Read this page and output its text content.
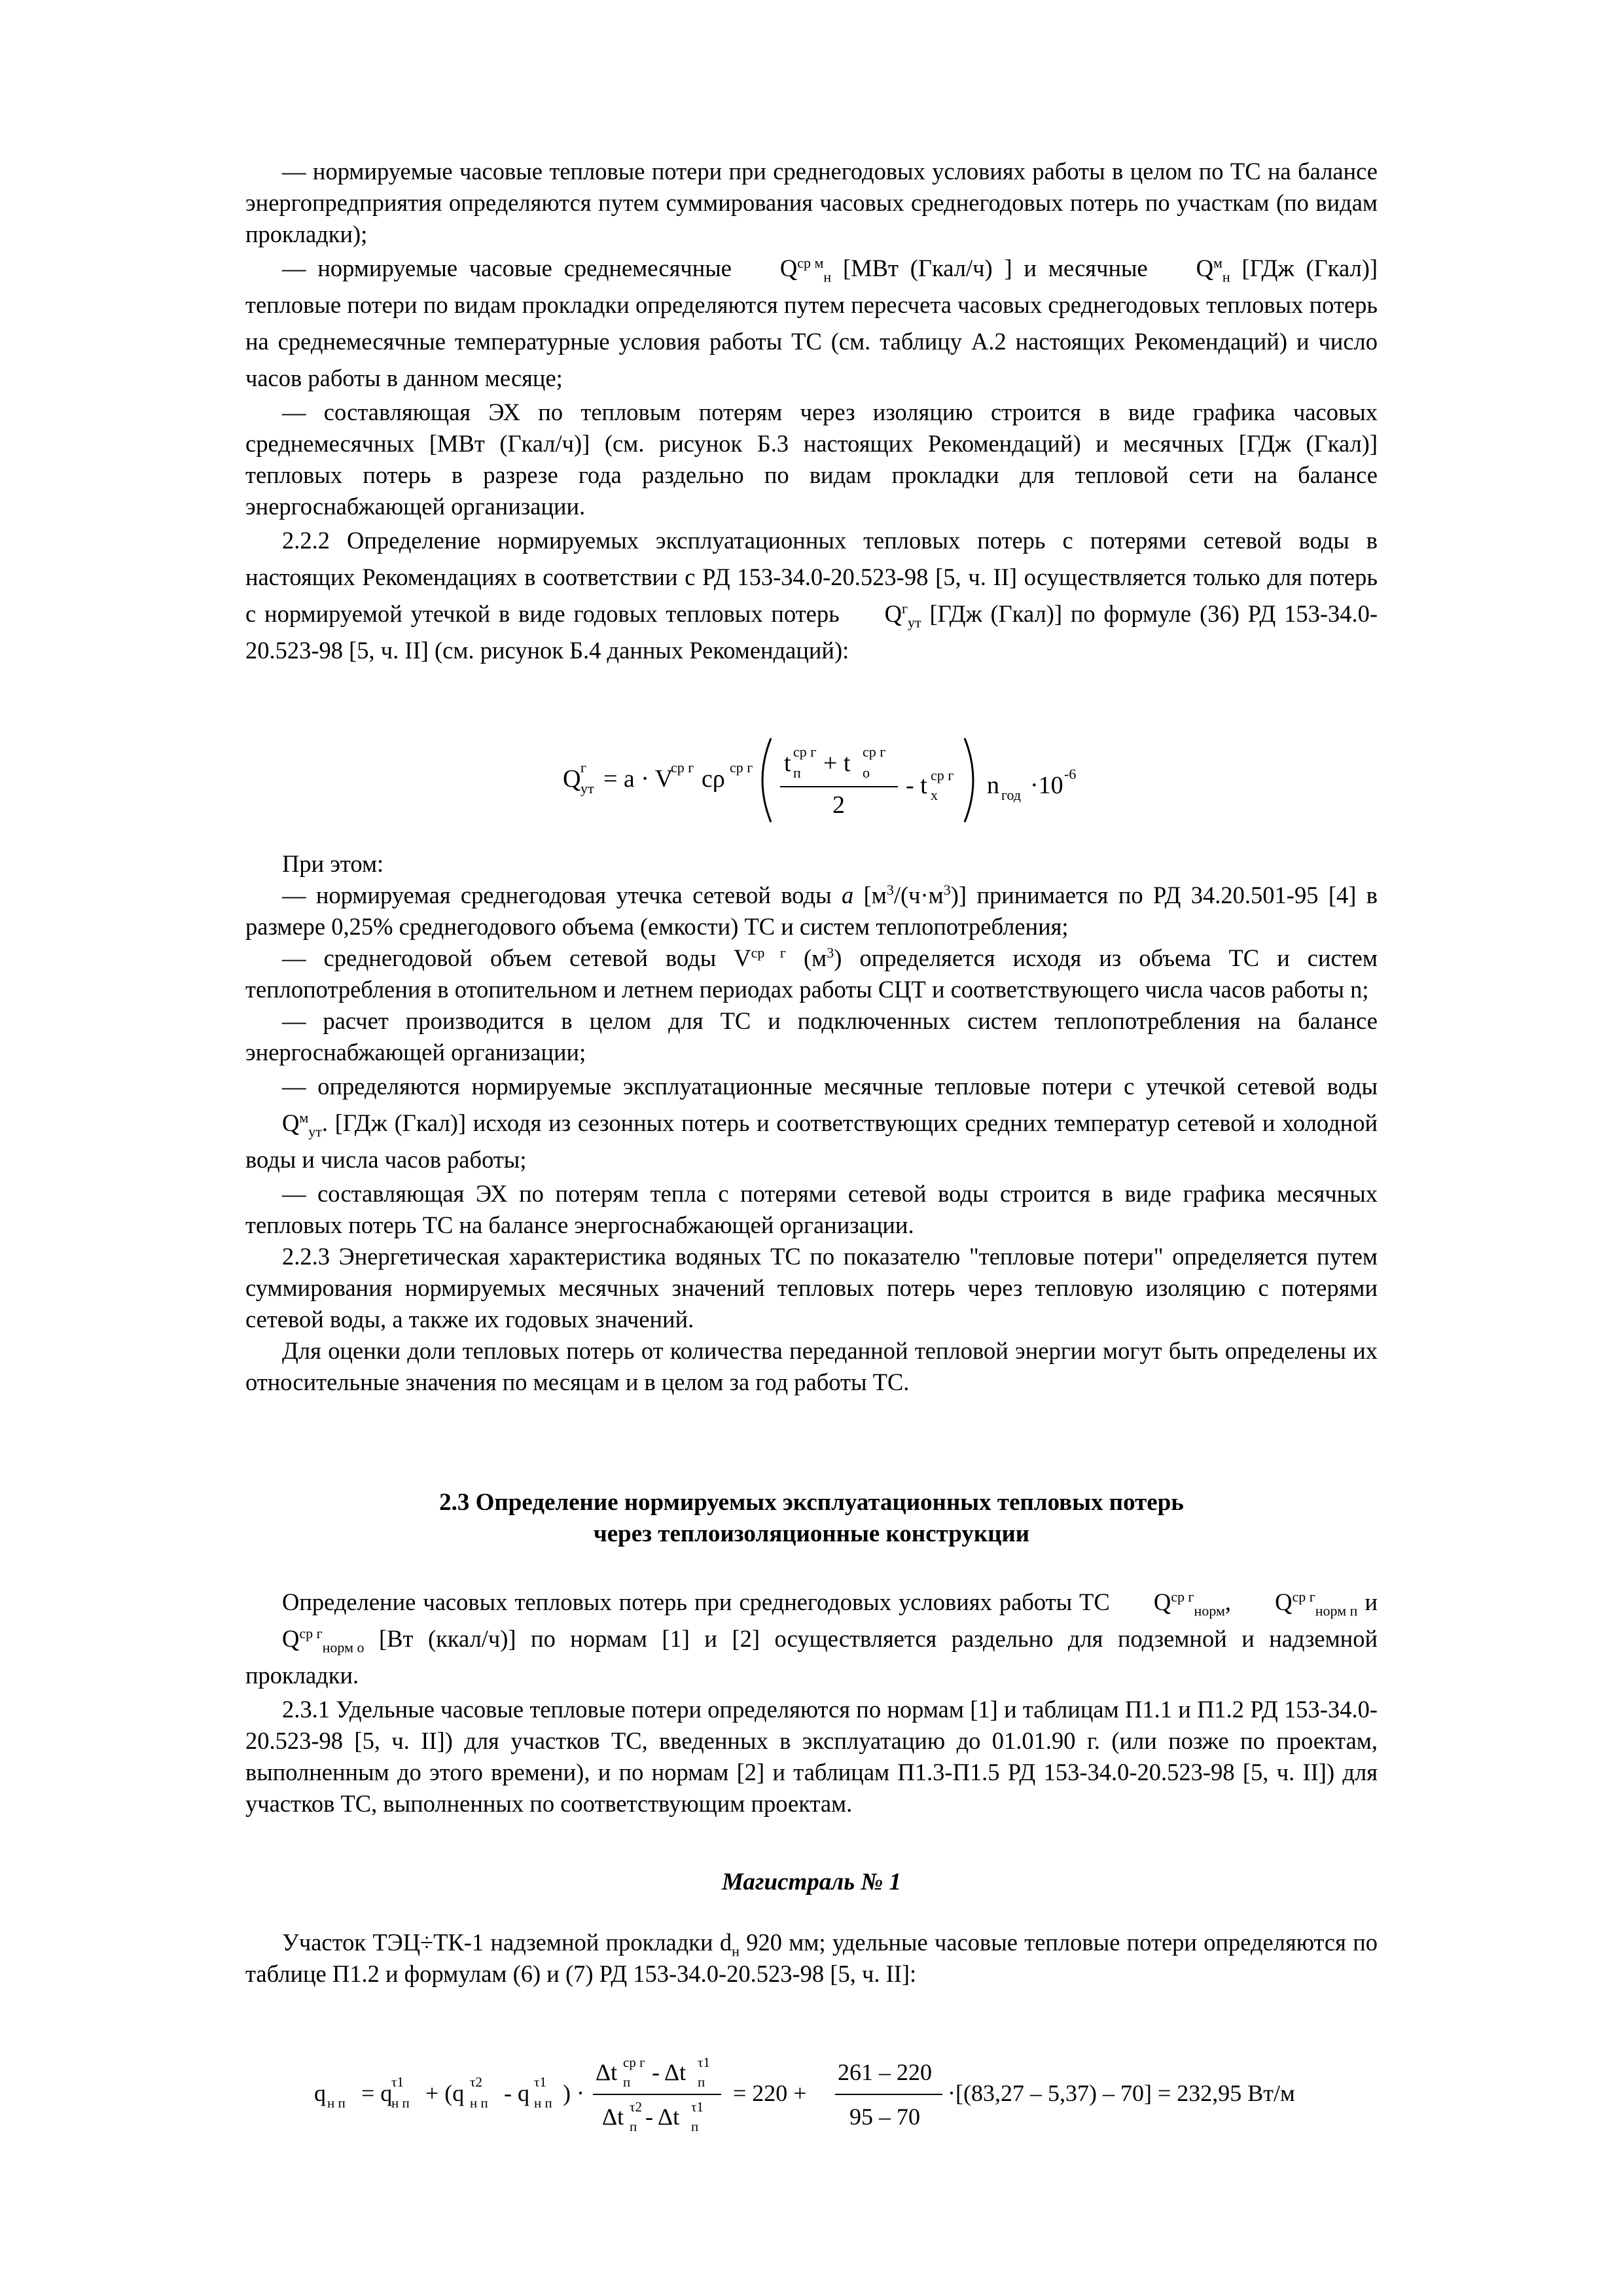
— нормируемые часовые тепловые потери при среднегодовых условиях работы в целом по ТС на балансе энергопредприятия определяются путем суммирования часовых среднегодовых потерь по участкам (по видам прокладки);

— нормируемые часовые среднемесячные $Q^{ср м}_н$ [МВт (Гкал/ч) ] и месячные $Q^м_н$ [ГДж (Гкал)] тепловые потери по видам прокладки определяются путем пересчета часовых среднегодовых тепловых потерь на среднемесячные температурные условия работы ТС (см. таблицу А.2 настоящих Рекомендаций) и число часов работы в данном месяце;

— составляющая ЭХ по тепловым потерям через изоляцию строится в виде графика часовых среднемесячных [МВт (Гкал/ч)] (см. рисунок Б.3 настоящих Рекомендаций) и месячных [ГДж (Гкал)] тепловых потерь в разрезе года раздельно по видам прокладки для тепловой сети на балансе энергоснабжающей организации.

2.2.2 Определение нормируемых эксплуатационных тепловых потерь с потерями сетевой воды в настоящих Рекомендациях в соответствии с РД 153-34.0-20.523-98 [5, ч. II] осуществляется только для потерь с нормируемой утечкой в виде годовых тепловых потерь $Q^г_{ут}$ [ГДж (Гкал)] по формуле (36) РД 153-34.0-20.523-98 [5, ч. II] (см. рисунок Б.4 данных Рекомендаций):

Q г
ут = a · V
ср г cρ ср г t ср г
п + t ср г
о
2
- t ср г
х n год ·10 -6

При этом:

— нормируемая среднегодовая утечка сетевой воды a $[м^3/(ч\cdot м^3)]$ принимается по РД 34.20.501-95 [4] в размере 0,25% среднегодового объема (емкости) ТС и систем теплопотребления;

— среднегодовой объем сетевой воды $V^{ср г}$ $(м^3)$ определяется исходя из объема ТС и систем теплопотребления в отопительном и летнем периодах работы СЦТ и соответствующего числа часов работы n;

— расчет производится в целом для ТС и подключенных систем теплопотребления на балансе энергоснабжающей организации;

— определяются нормируемые эксплуатационные месячные тепловые потери с утечкой сетевой воды $Q^м_{ут}$. [ГДж (Гкал)] исходя из сезонных потерь и соответствующих средних температур сетевой и холодной воды и числа часов работы;

— составляющая ЭХ по потерям тепла с потерями сетевой воды строится в виде графика месячных тепловых потерь ТС на балансе энергоснабжающей организации.

2.2.3 Энергетическая характеристика водяных ТС по показателю "тепловые потери" определяется путем суммирования нормируемых месячных значений тепловых потерь через тепловую изоляцию с потерями сетевой воды, а также их годовых значений.

Для оценки доли тепловых потерь от количества переданной тепловой энергии могут быть определены их относительные значения по месяцам и в целом за год работы ТС.

2.3 Определение нормируемых эксплуатационных тепловых потерь
через теплоизоляционные конструкции

Определение часовых тепловых потерь при среднегодовых условиях работы ТС $Q^{ср г}_{норм}$, $Q^{ср г}_{норм п}$ и $Q^{ср г}_{норм о}$ [Вт (ккал/ч)] по нормам [1] и [2] осуществляется раздельно для подземной и надземной прокладки.

2.3.1 Удельные часовые тепловые потери определяются по нормам [1] и таблицам П1.1 и П1.2 РД 153-34.0-20.523-98 [5, ч. II]) для участков ТС, введенных в эксплуатацию до 01.01.90 г. (или позже по проектам, выполненным до этого времени), и по нормам [2] и таблицам П1.3-П1.5 РД 153-34.0-20.523-98 [5, ч. II]) для участков ТС, выполненных по соответствующим проектам.

Магистраль № 1

Участок ТЭЦ÷ТК-1 надземной прокладки $d_н$ 920 мм; удельные часовые тепловые потери определяются по таблице П1.2 и формулам (6) и (7) РД 153-34.0-20.523-98 [5, ч. II]:

q н п = q
τ1
н п + (q τ2
н п - q τ1
н п ) ·
Δt ср г
п - Δt τ1
п
Δt τ2
п - Δt τ1
п
= 220 +
261 – 220
95 – 70
·[(83,27 – 5,37) – 70] = 232,95 Вт/м
